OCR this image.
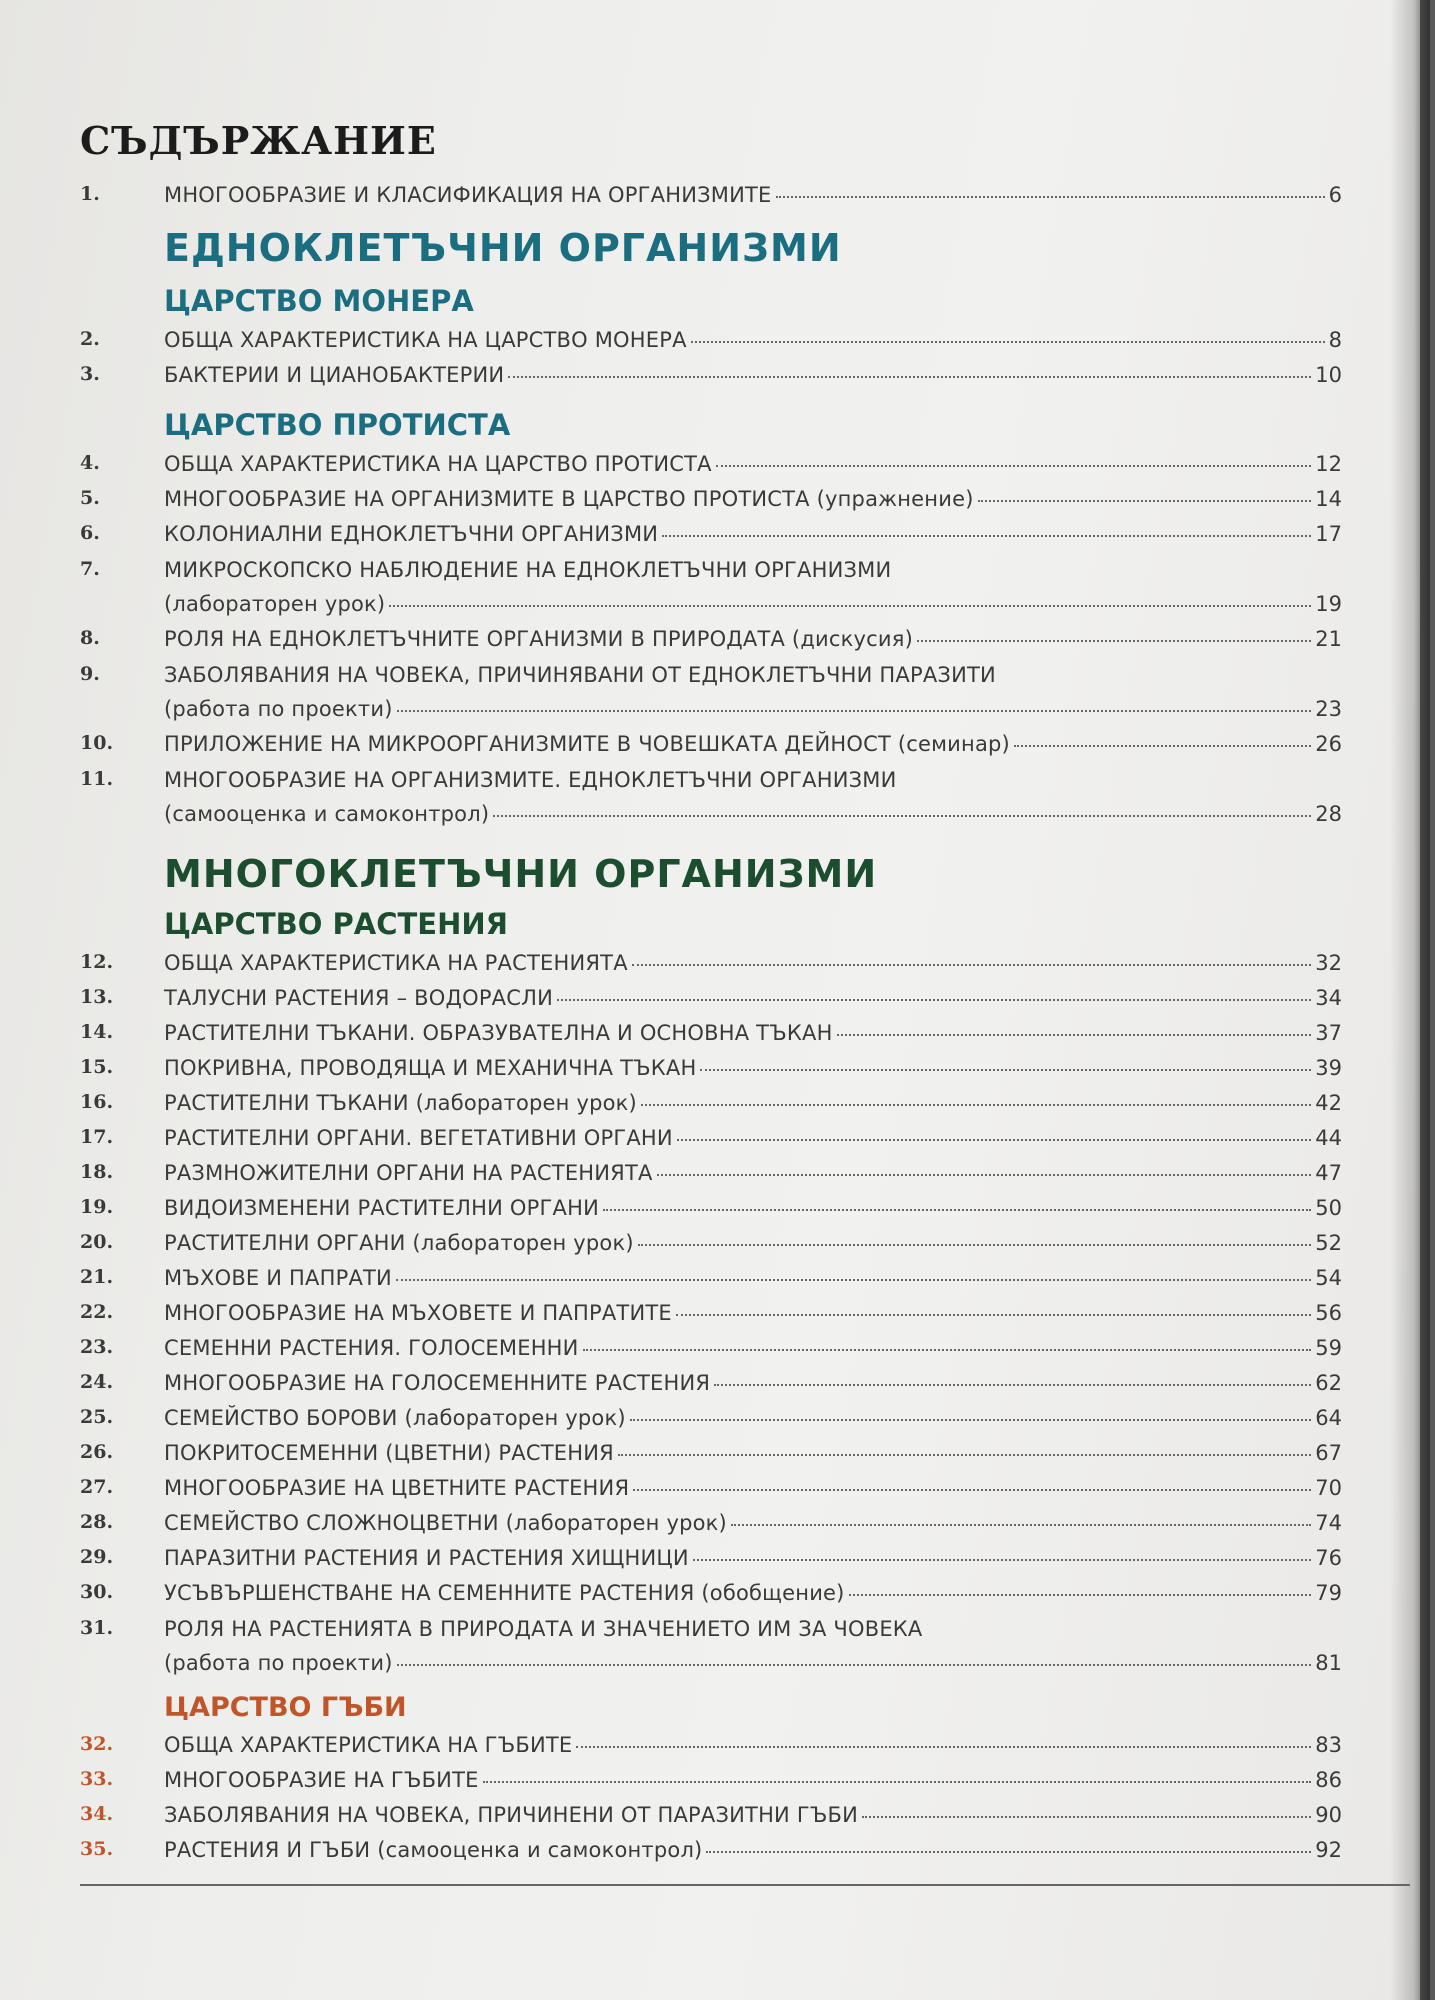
СЪДЪРЖАНИЕ
1.	МНОГООБРАЗИЕ И КЛАСИФИКАЦИЯ НА ОРГАНИЗМИТЕ	6
ЕДНОКЛЕТЪЧНИ ОРГАНИЗМИ
ЦАРСТВО МОНЕРА
2.	ОБЩА ХАРАКТЕРИСТИКА НА ЦАРСТВО МОНЕРА	8
3.	БАКТЕРИИ И ЦИАНОБАКТЕРИИ	10
ЦАРСТВО ПРОТИСТА
4.	ОБЩА ХАРАКТЕРИСТИКА НА ЦАРСТВО ПРОТИСТА	12
5.	МНОГООБРАЗИЕ НА ОРГАНИЗМИТЕ В ЦАРСТВО ПРОТИСТА (упражнение)	14
6.	КОЛОНИАЛНИ ЕДНОКЛЕТЪЧНИ ОРГАНИЗМИ	17
7.	МИКРОСКОПСКО НАБЛЮДЕНИЕ НА ЕДНОКЛЕТЪЧНИ ОРГАНИЗМИ
(лабораторен урок)	19
8.	РОЛЯ НА ЕДНОКЛЕТЪЧНИТЕ ОРГАНИЗМИ В ПРИРОДАТА (дискусия)	21
9.	ЗАБОЛЯВАНИЯ НА ЧОВЕКА, ПРИЧИНЯВАНИ ОТ ЕДНОКЛЕТЪЧНИ ПАРАЗИТИ
(работа по проекти)	23
10.	ПРИЛОЖЕНИЕ НА МИКРООРГАНИЗМИТЕ В ЧОВЕШКАТА ДЕЙНОСТ (семинар)	26
11.	МНОГООБРАЗИЕ НА ОРГАНИЗМИТЕ. ЕДНОКЛЕТЪЧНИ ОРГАНИЗМИ
(самооценка и самоконтрол)	28
МНОГОКЛЕТЪЧНИ ОРГАНИЗМИ
ЦАРСТВО РАСТЕНИЯ
12.	ОБЩА ХАРАКТЕРИСТИКА НА РАСТЕНИЯТА	32
13.	ТАЛУСНИ РАСТЕНИЯ – ВОДОРАСЛИ	34
14.	РАСТИТЕЛНИ ТЪКАНИ. ОБРАЗУВАТЕЛНА И ОСНОВНА ТЪКАН	37
15.	ПОКРИВНА, ПРОВОДЯЩА И МЕХАНИЧНА ТЪКАН	39
16.	РАСТИТЕЛНИ ТЪКАНИ (лабораторен урок)	42
17.	РАСТИТЕЛНИ ОРГАНИ. ВЕГЕТАТИВНИ ОРГАНИ	44
18.	РАЗМНОЖИТЕЛНИ ОРГАНИ НА РАСТЕНИЯТА	47
19.	ВИДОИЗМЕНЕНИ РАСТИТЕЛНИ ОРГАНИ	50
20.	РАСТИТЕЛНИ ОРГАНИ (лабораторен урок)	52
21.	МЪХОВЕ И ПАПРАТИ	54
22.	МНОГООБРАЗИЕ НА МЪХОВЕТЕ И ПАПРАТИТЕ	56
23.	СЕМЕННИ РАСТЕНИЯ. ГОЛОСЕМЕННИ	59
24.	МНОГООБРАЗИЕ НА ГОЛОСЕМЕННИТЕ РАСТЕНИЯ	62
25.	СЕМЕЙСТВО БОРОВИ (лабораторен урок)	64
26.	ПОКРИТОСЕМЕННИ (ЦВЕТНИ) РАСТЕНИЯ	67
27.	МНОГООБРАЗИЕ НА ЦВЕТНИТЕ РАСТЕНИЯ	70
28.	СЕМЕЙСТВО СЛОЖНОЦВЕТНИ (лабораторен урок)	74
29.	ПАРАЗИТНИ РАСТЕНИЯ И РАСТЕНИЯ ХИЩНИЦИ	76
30.	УСЪВЪРШЕНСТВАНЕ НА СЕМЕННИТЕ РАСТЕНИЯ (обобщение)	79
31.	РОЛЯ НА РАСТЕНИЯТА В ПРИРОДАТА И ЗНАЧЕНИЕТО ИМ ЗА ЧОВЕКА
(работа по проекти)	81
ЦАРСТВО ГЪБИ
32.	ОБЩА ХАРАКТЕРИСТИКА НА ГЪБИТЕ	83
33.	МНОГООБРАЗИЕ НА ГЪБИТЕ	86
34.	ЗАБОЛЯВАНИЯ НА ЧОВЕКА, ПРИЧИНЕНИ ОТ ПАРАЗИТНИ ГЪБИ	90
35.	РАСТЕНИЯ И ГЪБИ (самооценка и самоконтрол)	92
